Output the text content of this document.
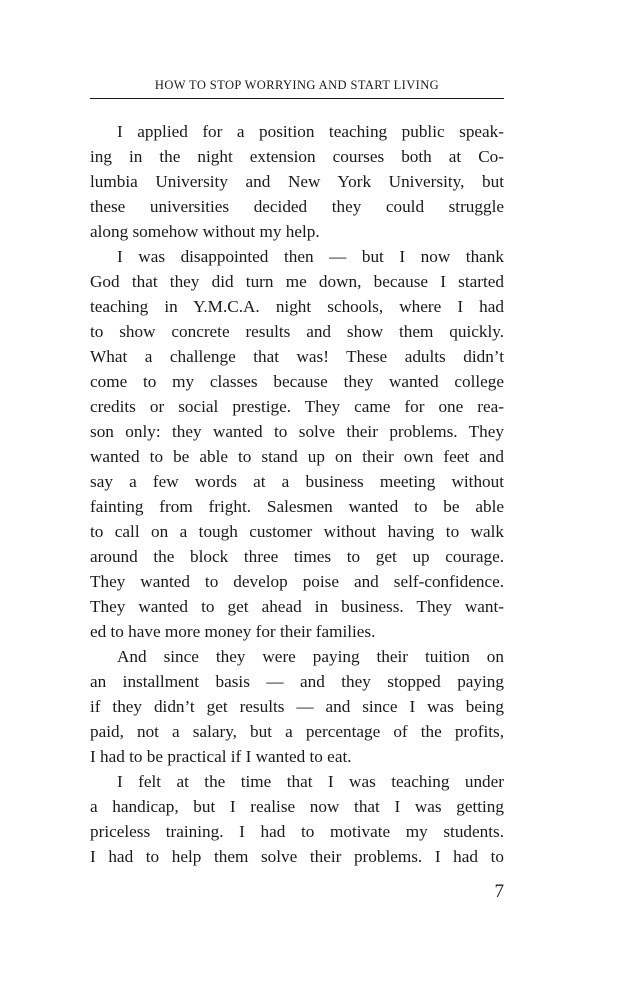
HOW TO STOP WORRYING AND START LIVING
I applied for a position teaching public speak-
ing in the night extension courses both at Co-
lumbia University and New York University, but
these universities decided they could struggle
along somehow without my help.
I was disappointed then — but I now thank
God that they did turn me down, because I started
teaching in Y.M.C.A. night schools, where I had
to show concrete results and show them quickly.
What a challenge that was! These adults didn’t
come to my classes because they wanted college
credits or social prestige. They came for one rea-
son only: they wanted to solve their problems. They
wanted to be able to stand up on their own feet and
say a few words at a business meeting without
fainting from fright. Salesmen wanted to be able
to call on a tough customer without having to walk
around the block three times to get up courage.
They wanted to develop poise and self-confidence.
They wanted to get ahead in business. They want-
ed to have more money for their families.
And since they were paying their tuition on
an installment basis — and they stopped paying
if they didn’t get results — and since I was being
paid, not a salary, but a percentage of the profits,
I had to be practical if I wanted to eat.
I felt at the time that I was teaching under
a handicap, but I realise now that I was getting
priceless training. I had to motivate my students.
I had to help them solve their problems. I had to
7
